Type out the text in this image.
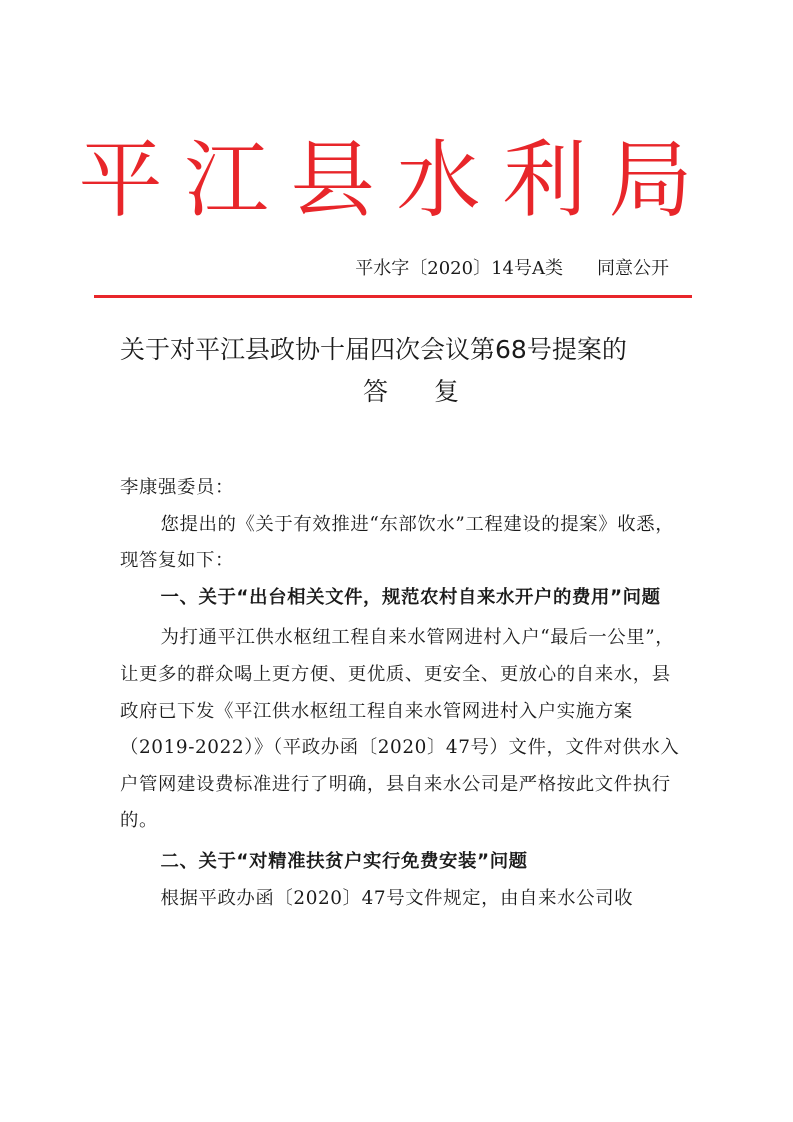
平江县水利局
平水字〔2020〕14号A类 同意公开
关于对平江县政协十届四次会议第68号提案的
答复

李康强委员：

您提出的《关于有效推进“东部饮水”工程建设的提案》收悉，现答复如下：

一、关于“出台相关文件，规范农村自来水开户的费用”问题

为打通平江供水枢纽工程自来水管网进村入户“最后一公里”，让更多的群众喝上更方便、更优质、更安全、更放心的自来水，县政府已下发《平江供水枢纽工程自来水管网进村入户实施方案（2019-2022）》（平政办函〔2020〕47号）文件，文件对供水入户管网建设费标准进行了明确，县自来水公司是严格按此文件执行的。

二、关于“对精准扶贫户实行免费安装”问题

根据平政办函〔2020〕47号文件规定，由自来水公司收
